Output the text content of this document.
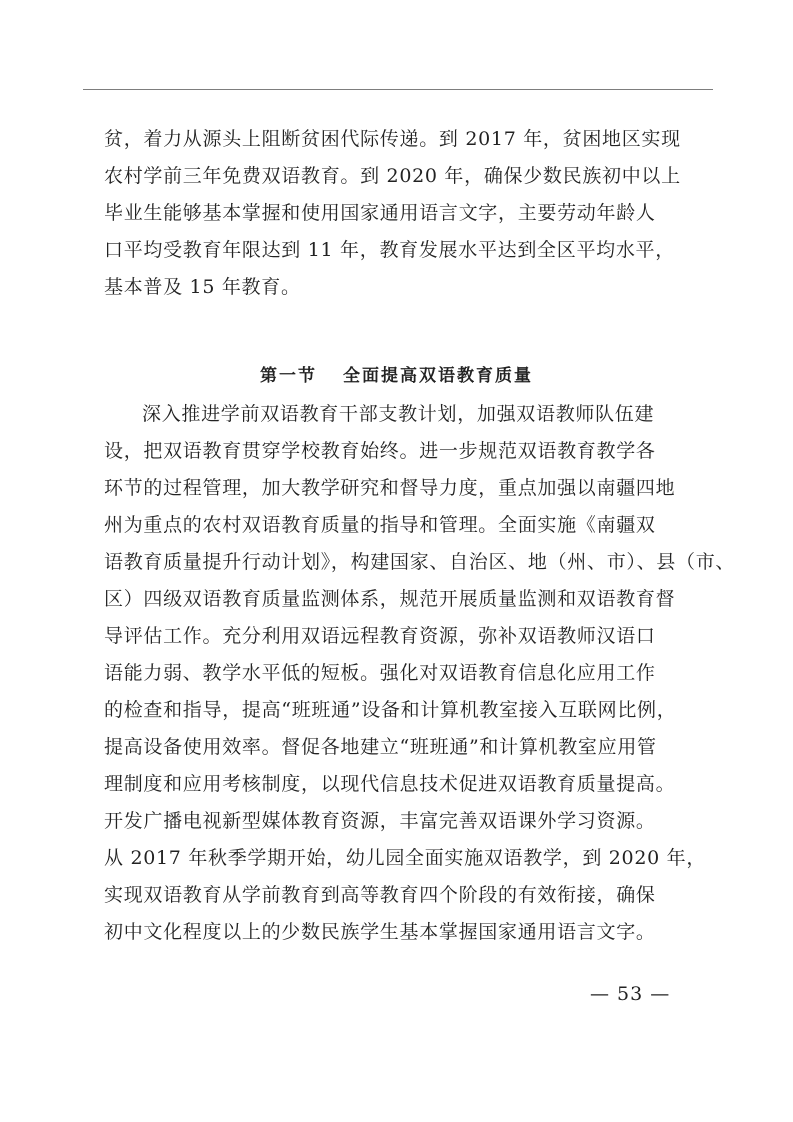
贫，着力从源头上阻断贫困代际传递。到 2017 年，贫困地区实现
农村学前三年免费双语教育。到 2020 年，确保少数民族初中以上
毕业生能够基本掌握和使用国家通用语言文字，主要劳动年龄人
口平均受教育年限达到 11 年，教育发展水平达到全区平均水平，
基本普及 15 年教育。
第一节 全面提高双语教育质量
深入推进学前双语教育干部支教计划，加强双语教师队伍建
设，把双语教育贯穿学校教育始终。进一步规范双语教育教学各
环节的过程管理，加大教学研究和督导力度，重点加强以南疆四地
州为重点的农村双语教育质量的指导和管理。全面实施《南疆双
语教育质量提升行动计划》，构建国家、自治区、地（州、市）、县（市、
区）四级双语教育质量监测体系，规范开展质量监测和双语教育督
导评估工作。充分利用双语远程教育资源，弥补双语教师汉语口
语能力弱、教学水平低的短板。强化对双语教育信息化应用工作
的检查和指导，提高“班班通”设备和计算机教室接入互联网比例，
提高设备使用效率。督促各地建立“班班通”和计算机教室应用管
理制度和应用考核制度，以现代信息技术促进双语教育质量提高。
开发广播电视新型媒体教育资源，丰富完善双语课外学习资源。
从 2017 年秋季学期开始，幼儿园全面实施双语教学，到 2020 年，
实现双语教育从学前教育到高等教育四个阶段的有效衔接，确保
初中文化程度以上的少数民族学生基本掌握国家通用语言文字。
— 53 —
